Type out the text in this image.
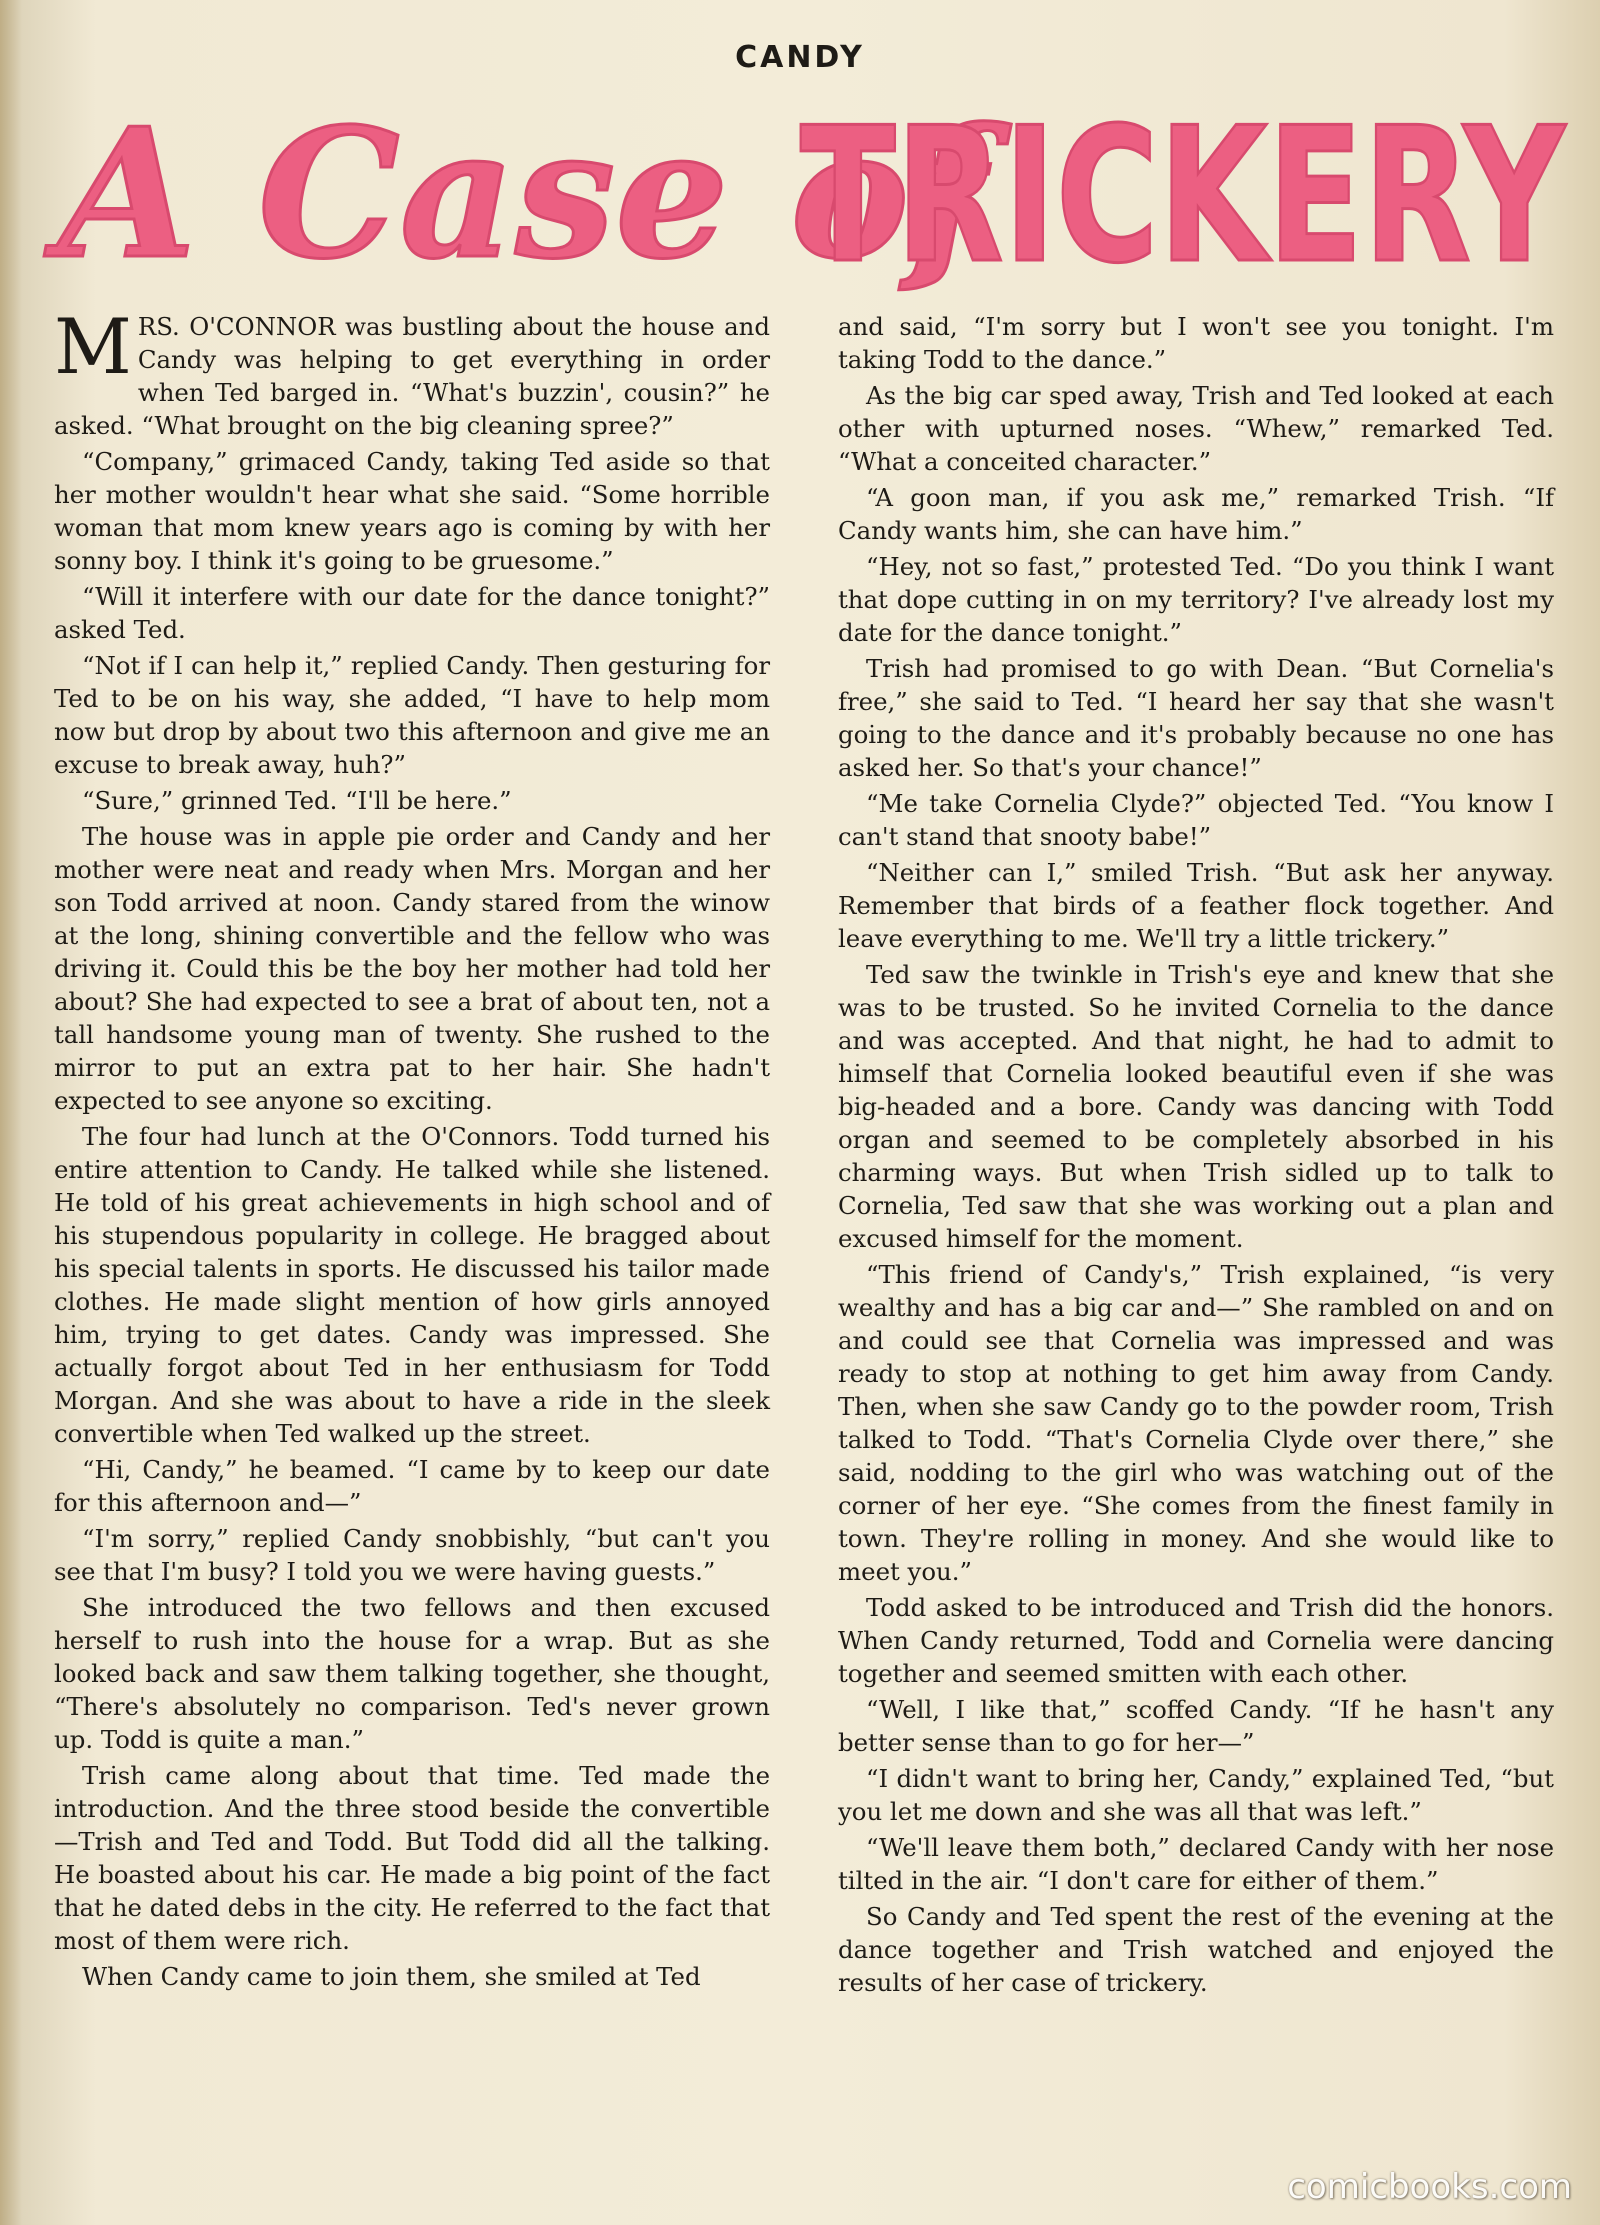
CANDY
A Case of
TRICKERY

MRS. O'CONNOR was bustling about the house and Candy was helping to get everything in order when Ted barged in. “What's buzzin', cousin?” he asked. “What brought on the big cleaning spree?”

“Company,” grimaced Candy, taking Ted aside so that her mother wouldn't hear what she said. “Some horrible woman that mom knew years ago is coming by with her sonny boy. I think it's going to be gruesome.”

“Will it interfere with our date for the dance tonight?” asked Ted.

“Not if I can help it,” replied Candy. Then gesturing for Ted to be on his way, she added, “I have to help mom now but drop by about two this afternoon and give me an excuse to break away, huh?”

“Sure,” grinned Ted. “I'll be here.”

The house was in apple pie order and Candy and her mother were neat and ready when Mrs. Morgan and her son Todd arrived at noon. Candy stared from the winow at the long, shining convertible and the fellow who was driving it. Could this be the boy her mother had told her about? She had expected to see a brat of about ten, not a tall handsome young man of twenty. She rushed to the mirror to put an extra pat to her hair. She hadn't expected to see anyone so exciting.

The four had lunch at the O'Connors. Todd turned his entire attention to Candy. He talked while she listened. He told of his great achievements in high school and of his stupendous popularity in college. He bragged about his special talents in sports. He discussed his tailor made clothes. He made slight mention of how girls annoyed him, trying to get dates. Candy was impressed. She actually forgot about Ted in her enthusiasm for Todd Morgan. And she was about to have a ride in the sleek convertible when Ted walked up the street.

“Hi, Candy,” he beamed. “I came by to keep our date for this afternoon and—”

“I'm sorry,” replied Candy snobbishly, “but can't you see that I'm busy? I told you we were having guests.”

She introduced the two fellows and then excused herself to rush into the house for a wrap. But as she looked back and saw them talking together, she thought, “There's absolutely no comparison. Ted's never grown up. Todd is quite a man.”

Trish came along about that time. Ted made the introduction. And the three stood beside the convertible—Trish and Ted and Todd. But Todd did all the talking. He boasted about his car. He made a big point of the fact that he dated debs in the city. He referred to the fact that most of them were rich.

When Candy came to join them, she smiled at Ted

and said, “I'm sorry but I won't see you tonight. I'm taking Todd to the dance.”

As the big car sped away, Trish and Ted looked at each other with upturned noses. “Whew,” remarked Ted. “What a conceited character.”

“A goon man, if you ask me,” remarked Trish. “If Candy wants him, she can have him.”

“Hey, not so fast,” protested Ted. “Do you think I want that dope cutting in on my territory? I've already lost my date for the dance tonight.”

Trish had promised to go with Dean. “But Cornelia's free,” she said to Ted. “I heard her say that she wasn't going to the dance and it's probably because no one has asked her. So that's your chance!”

“Me take Cornelia Clyde?” objected Ted. “You know I can't stand that snooty babe!”

“Neither can I,” smiled Trish. “But ask her anyway. Remember that birds of a feather flock together. And leave everything to me. We'll try a little trickery.”

Ted saw the twinkle in Trish's eye and knew that she was to be trusted. So he invited Cornelia to the dance and was accepted. And that night, he had to admit to himself that Cornelia looked beautiful even if she was big-headed and a bore. Candy was dancing with Todd organ and seemed to be completely absorbed in his charming ways. But when Trish sidled up to talk to Cornelia, Ted saw that she was working out a plan and excused himself for the moment.

“This friend of Candy's,” Trish explained, “is very wealthy and has a big car and—” She rambled on and on and could see that Cornelia was impressed and was ready to stop at nothing to get him away from Candy. Then, when she saw Candy go to the powder room, Trish talked to Todd. “That's Cornelia Clyde over there,” she said, nodding to the girl who was watching out of the corner of her eye. “She comes from the finest family in town. They're rolling in money. And she would like to meet you.”

Todd asked to be introduced and Trish did the honors. When Candy returned, Todd and Cornelia were dancing together and seemed smitten with each other.

“Well, I like that,” scoffed Candy. “If he hasn't any better sense than to go for her—”

“I didn't want to bring her, Candy,” explained Ted, “but you let me down and she was all that was left.”

“We'll leave them both,” declared Candy with her nose tilted in the air. “I don't care for either of them.”

So Candy and Ted spent the rest of the evening at the dance together and Trish watched and enjoyed the results of her case of trickery.

comicbooks.com
